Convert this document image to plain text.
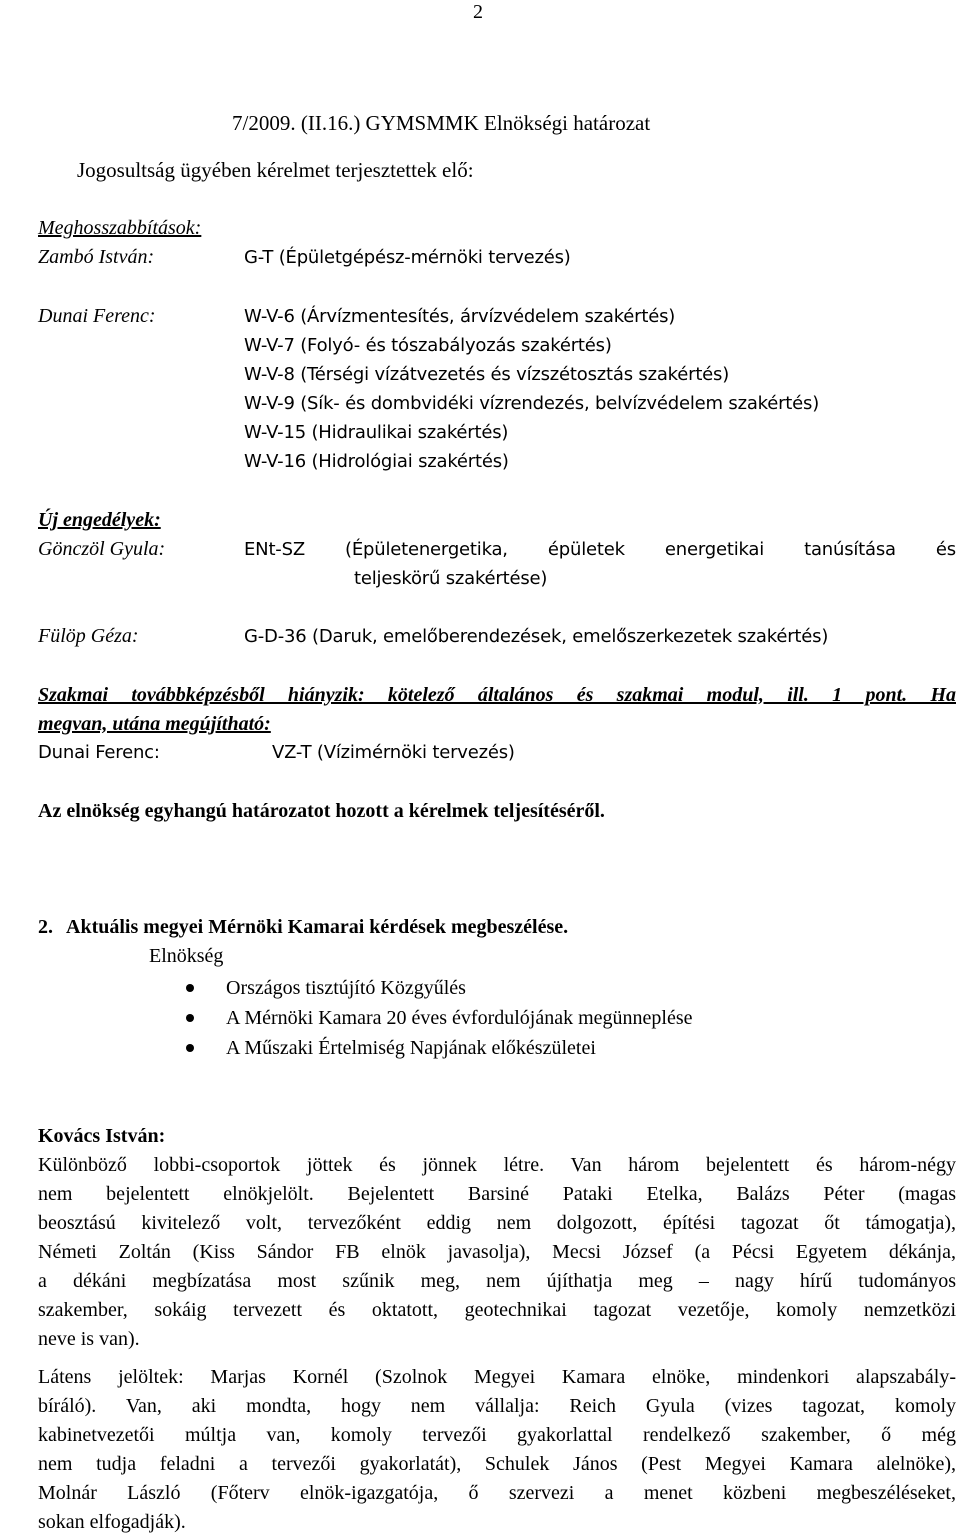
2
7/2009. (II.16.) GYMSMMK Elnökségi határozat
Jogosultság ügyében kérelmet terjesztettek elő:
Meghosszabbítások:
Zambó István:	G-T (Épületgépész-mérnöki tervezés)
Dunai Ferenc:	W-V-6 (Árvízmentesítés, árvízvédelem szakértés)
W-V-7 (Folyó- és tószabályozás szakértés)
W-V-8 (Térségi vízátvezetés és vízszétosztás szakértés)
W-V-9 (Sík- és dombvidéki vízrendezés, belvízvédelem szakértés)
W-V-15 (Hidraulikai szakértés)
W-V-16 (Hidrológiai szakértés)
Új engedélyek:
Gönczöl Gyula:	ENt-SZ (Épületenergetika, épületek energetikai tanúsítása és
teljeskörű szakértése)
Fülöp Géza:	G-D-36 (Daruk, emelőberendezések, emelőszerkezetek szakértés)
Szakmai továbbképzésből hiányzik: kötelező általános és szakmai modul, ill. 1 pont. Ha
megvan, utána megújítható:
Dunai Ferenc:	VZ-T (Vízimérnöki tervezés)
Az elnökség egyhangú határozatot hozott a kérelmek teljesítéséről.
2. Aktuális megyei Mérnöki Kamarai kérdések megbeszélése.
Elnökség
Országos tisztújító Közgyűlés
A Mérnöki Kamara 20 éves évfordulójának megünneplése
A Műszaki Értelmiség Napjának előkészületei
Kovács István:
Különböző lobbi-csoportok jöttek és jönnek létre. Van három bejelentett és három-négy
nem bejelentett elnökjelölt. Bejelentett Barsiné Pataki Etelka, Balázs Péter (magas
beosztású kivitelező volt, tervezőként eddig nem dolgozott, építési tagozat őt támogatja),
Németi Zoltán (Kiss Sándor FB elnök javasolja), Mecsi József (a Pécsi Egyetem dékánja,
a dékáni megbízatása most szűnik meg, nem újíthatja meg – nagy hírű tudományos
szakember, sokáig tervezett és oktatott, geotechnikai tagozat vezetője, komoly nemzetközi
neve is van).
Látens jelöltek: Marjas Kornél (Szolnok Megyei Kamara elnöke, mindenkori alapszabály-
bíráló). Van, aki mondta, hogy nem vállalja: Reich Gyula (vizes tagozat, komoly
kabinetvezetői múltja van, komoly tervezői gyakorlattal rendelkező szakember, ő még
nem tudja feladni a tervezői gyakorlatát), Schulek János (Pest Megyei Kamara alelnöke),
Molnár László (Főterv elnök-igazgatója, ő szervezi a menet közbeni megbeszéléseket,
sokan elfogadják).
